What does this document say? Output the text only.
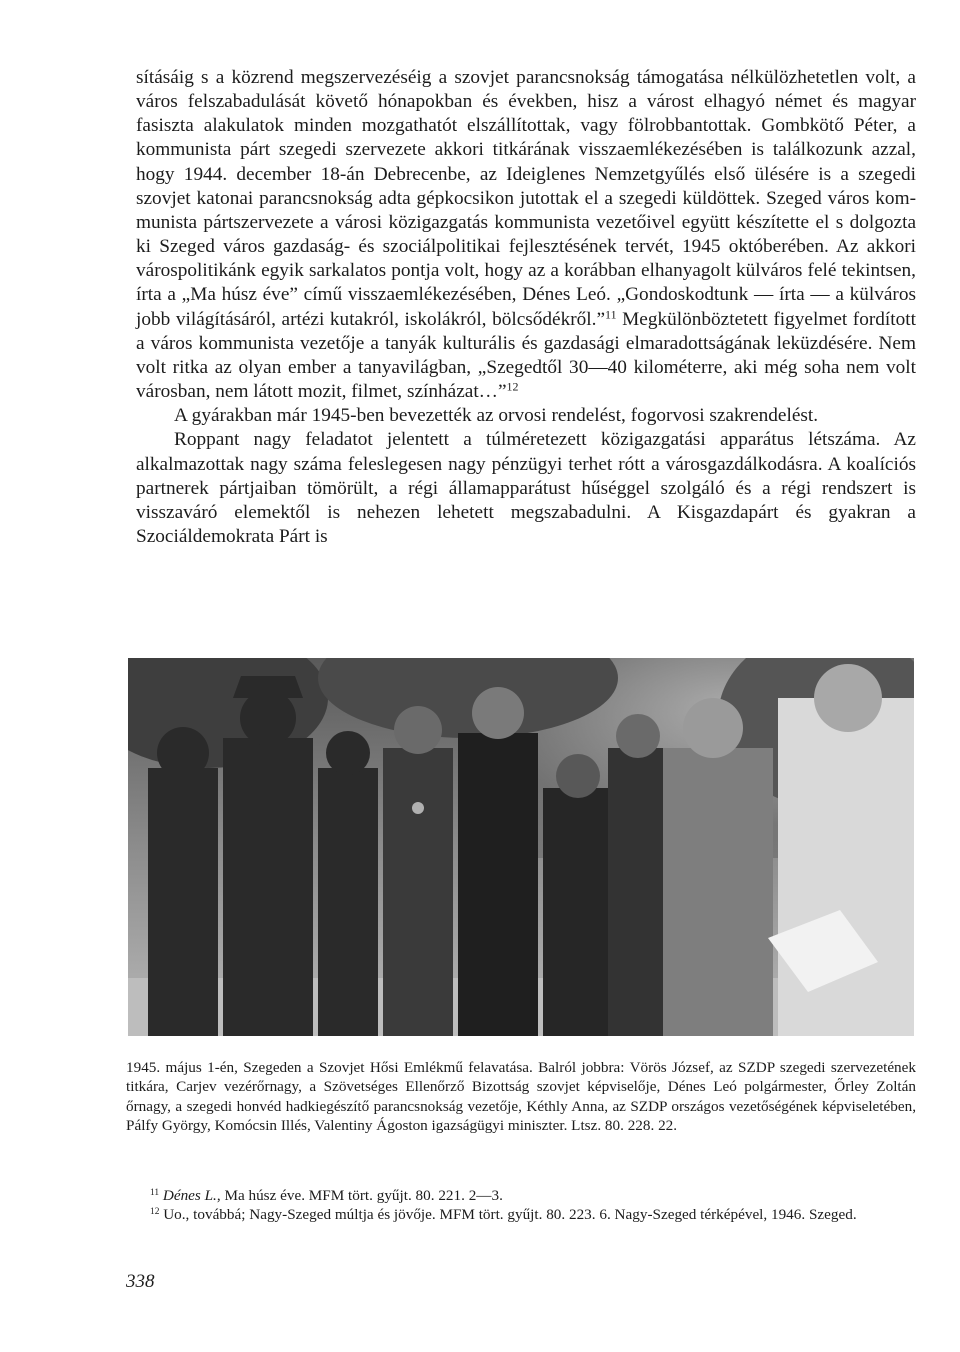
sításáig s a közrend megszervezéséig a szovjet parancsnokság támogatása nélkülözhetetlen volt, a város felszabadulását követő hónapokban és években, hisz a várost elhagyó német és magyar fasiszta alakulatok minden mozgathatót elszállítottak, vagy fölrobbantottak. Gombkötő Péter, a kommunista párt szegedi szervezete akkori titkárának visszaemlékezésében is találkozunk azzal, hogy 1944. december 18-án Debrecenbe, az Ideiglenes Nemzetgyűlés első ülésére is a szegedi szovjet katonai parancsnokság adta gépkocsikon jutottak el a szegedi küldöttek. Szeged város kommunista pártszervezete a városi közigazgatás kommunista vezetőivel együtt készítette el s dolgozta ki Szeged város gazdaság- és szociálpolitikai fejlesztésének tervét, 1945 októberében. Az akkori várospolitikánk egyik sarkalatos pontja volt, hogy az a korábban elhanyagolt külváros felé tekintsen, írta a „Ma húsz éve” című visszaemlékezésében, Dénes Leó. „Gondoskodtunk — írta — a külváros jobb világításáról, artézi kutakról, iskolákról, bölcsődékről.”$^{11}$ Megkülönböztetett figyelmet fordított a város kommunista vezetője a tanyák kulturális és gazdasági elmaradottságának leküzdésére. Nem volt ritka az olyan ember a tanyavilágban, „Szegedtől 30—40 kilométerre, aki még soha nem volt városban, nem látott mozit, filmet, színházat…”$^{12}$

A gyárakban már 1945-ben bevezették az orvosi rendelést, fogorvosi szakrendelést.

Roppant nagy feladatot jelentett a túlméretezett közigazgatási apparátus létszáma. Az alkalmazottak nagy száma feleslegesen nagy pénzügyi terhet rótt a városgazdálkodásra. A koalíciós partnerek pártjaiban tömörült, a régi államapparátust hűséggel szolgáló és a régi rendszert is visszaváró elemektől is nehezen lehetett megszabadulni. A Kisgazdapárt és gyakran a Szociáldemokrata Párt is

1945. május 1-én, Szegeden a Szovjet Hősi Emlékmű felavatása. Balról jobbra: Vörös József, az SZDP szegedi szervezetének titkára, Carjev vezérőrnagy, a Szövetséges Ellenőrző Bizottság szovjet képviselője, Dénes Leó polgármester, Őrley Zoltán őrnagy, a szegedi honvéd hadkiegészítő parancsnokság vezetője, Kéthly Anna, az SZDP országos vezetőségének képviseletében, Pálfy György, Komócsin Illés, Valentiny Ágoston igazságügyi miniszter. Ltsz. 80. 228. 22.

$^{11}$ Dénes L., Ma húsz éve. MFM tört. gyűjt. 80. 221. 2—3.

$^{12}$ Uo., továbbá; Nagy-Szeged múltja és jövője. MFM tört. gyűjt. 80. 223. 6. Nagy-Szeged térképével, 1946. Szeged.

338
